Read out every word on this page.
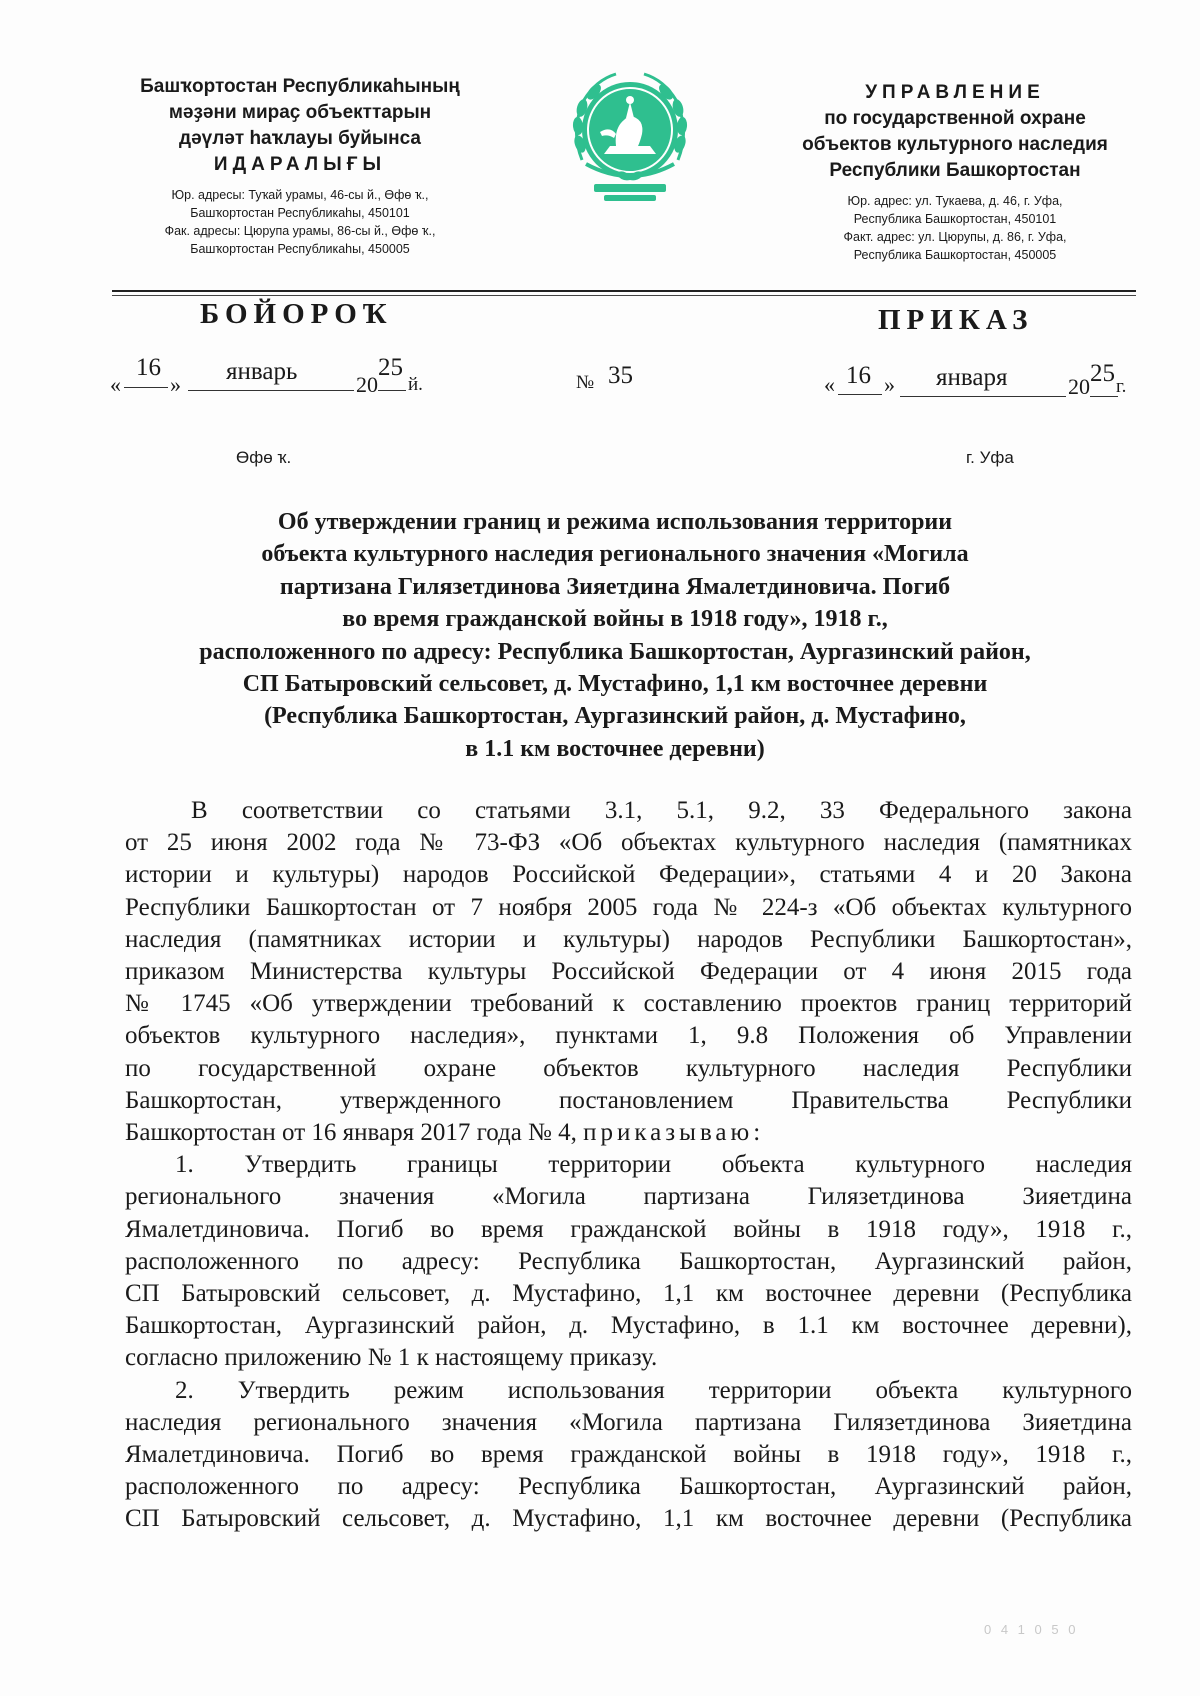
Башҡортостан Республикаһының
мәҙәни мираҫ объекттарын
дәүләт һаҡлауы буйынса
ИДАРАЛЫҒЫ
Юр. адресы: Туҡай урамы, 46-сы й., Өфө ҡ.,
Башҡортостан Республикаһы, 450101
Фак. адресы: Цюрупа урамы, 86-сы й., Өфө ҡ.,
Башҡортостан Республикаһы, 450005
УПРАВЛЕНИЕ
по государственной охране
объектов культурного наследия
Республики Башкортостан
Юр. адрес: ул. Тукаева, д. 46, г. Уфа,
Республика Башкортостан, 450101
Факт. адрес: ул. Цюрупы, д. 86, г. Уфа,
Республика Башкортостан, 450005
БОЙОРОҠ	ПРИКАЗ
«
16
» январь	20
25
й.	№ 35	« 16 » января	20 25 г.
Өфө ҡ.	г. Уфа
Об утверждении границ и режима использования территории
объекта культурного наследия регионального значения «Могила
партизана Гилязетдинова Зияетдина Ямалетдиновича. Погиб
во время гражданской войны в 1918 году», 1918 г.,
расположенного по адресу: Республика Башкортостан, Аургазинский район,
СП Батыровский сельсовет, д. Мустафино, 1,1 км восточнее деревни
(Республика Башкортостан, Аургазинский район, д. Мустафино,
в 1.1 км восточнее деревни)
В соответствии со статьями 3.1, 5.1, 9.2, 33 Федерального закона
от 25 июня 2002 года № 73-ФЗ «Об объектах культурного наследия (памятниках
истории и культуры) народов Российской Федерации», статьями 4 и 20 Закона
Республики Башкортостан от 7 ноября 2005 года № 224-з «Об объектах культурного
наследия (памятниках истории и культуры) народов Республики Башкортостан»,
приказом Министерства культуры Российской Федерации от 4 июня 2015 года
№ 1745 «Об утверждении требований к составлению проектов границ территорий
объектов культурного наследия», пунктами 1, 9.8 Положения об Управлении
по государственной охране объектов культурного наследия Республики
Башкортостан, утвержденного постановлением Правительства Республики
Башкортостан от 16 января 2017 года № 4, приказываю:
1. Утвердить границы территории объекта культурного наследия
регионального значения «Могила партизана Гилязетдинова Зияетдина
Ямалетдиновича. Погиб во время гражданской войны в 1918 году», 1918 г.,
расположенного по адресу: Республика Башкортостан, Аургазинский район,
СП Батыровский сельсовет, д. Мустафино, 1,1 км восточнее деревни (Республика
Башкортостан, Аургазинский район, д. Мустафино, в 1.1 км восточнее деревни),
согласно приложению № 1 к настоящему приказу.
2. Утвердить режим использования территории объекта культурного
наследия регионального значения «Могила партизана Гилязетдинова Зияетдина
Ямалетдиновича. Погиб во время гражданской войны в 1918 году», 1918 г.,
расположенного по адресу: Республика Башкортостан, Аургазинский район,
СП Батыровский сельсовет, д. Мустафино, 1,1 км восточнее деревни (Республика
0 4 1 0 5 0
